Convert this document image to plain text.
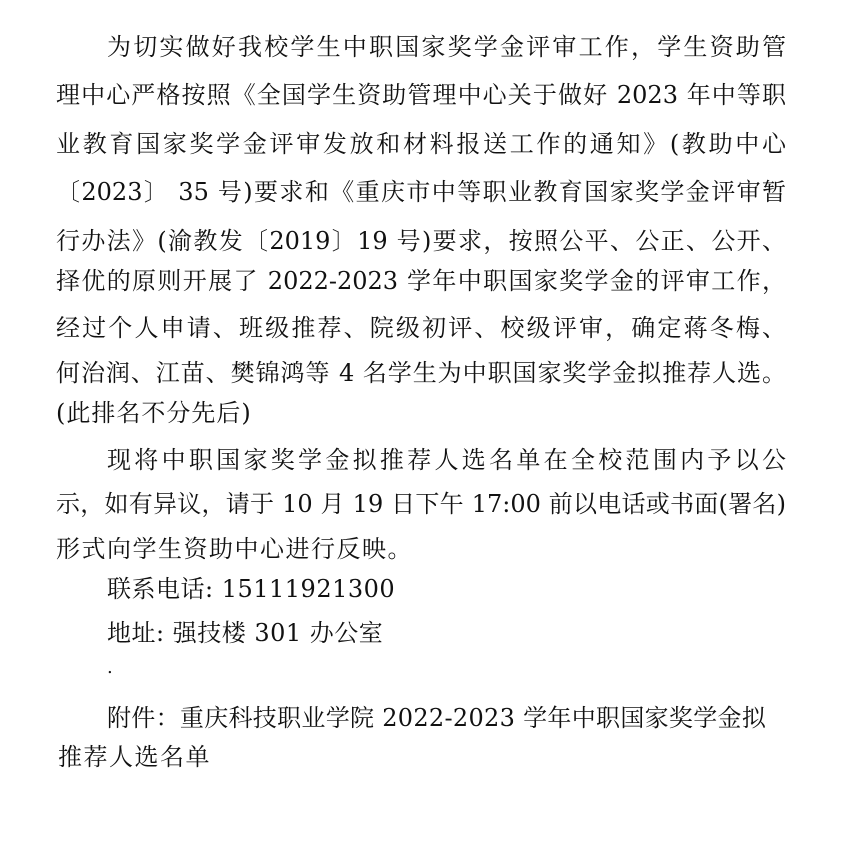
为切实做好我校学生中职国家奖学金评审工作，学生资助管
理中心严格按照《全国学生资助管理中心关于做好 2023 年中等职
业教育国家奖学金评审发放和材料报送工作的通知》(教助中心
〔2023〕 35 号)要求和《重庆市中等职业教育国家奖学金评审暂
行办法》(渝教发〔2019〕19 号)要求，按照公平、公正、公开、
择优的原则开展了 2022-2023 学年中职国家奖学金的评审工作，
经过个人申请、班级推荐、院级初评、校级评审，确定蒋冬梅、
何治润、江苗、樊锦鸿等 4 名学生为中职国家奖学金拟推荐人选。
(此排名不分先后)
现将中职国家奖学金拟推荐人选名单在全校范围内予以公
示，如有异议，请于 10 月 19 日下午 17:00 前以电话或书面(署名)
形式向学生资助中心进行反映。
联系电话: 15111921300
地址: 强技楼 301 办公室
.
附件：重庆科技职业学院 2022-2023 学年中职国家奖学金拟
推荐人选名单
